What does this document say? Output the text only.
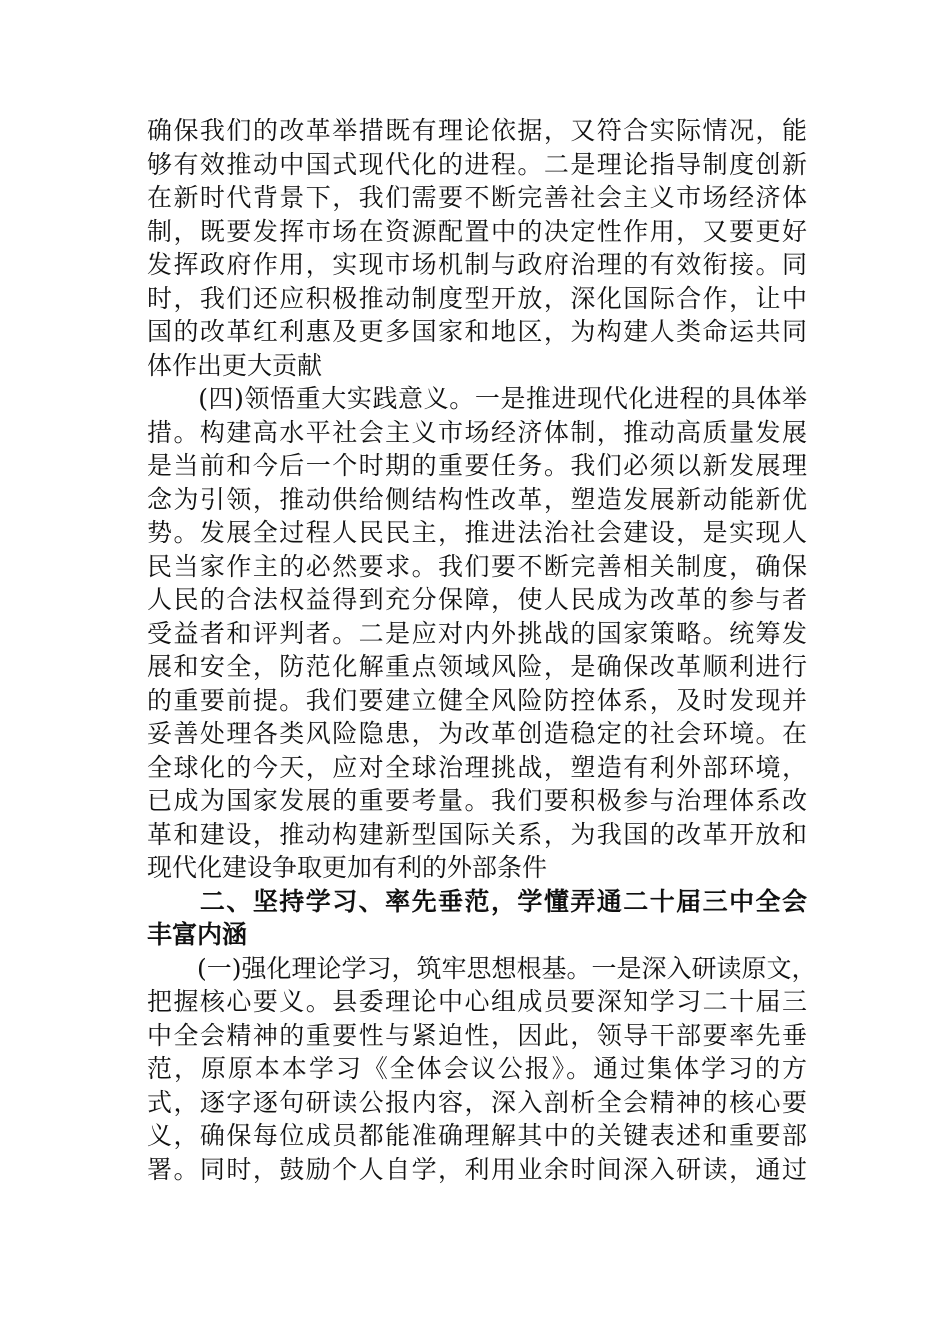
确保我们的改革举措既有理论依据，又符合实际情况，能
够有效推动中国式现代化的进程。二是理论指导制度创新
在新时代背景下，我们需要不断完善社会主义市场经济体
制，既要发挥市场在资源配置中的决定性作用，又要更好
发挥政府作用，实现市场机制与政府治理的有效衔接。同
时，我们还应积极推动制度型开放，深化国际合作，让中
国的改革红利惠及更多国家和地区，为构建人类命运共同
体作出更大贡献
　　(四)领悟重大实践意义。一是推进现代化进程的具体举
措。构建高水平社会主义市场经济体制，推动高质量发展
是当前和今后一个时期的重要任务。我们必须以新发展理
念为引领，推动供给侧结构性改革，塑造发展新动能新优
势。发展全过程人民民主，推进法治社会建设，是实现人
民当家作主的必然要求。我们要不断完善相关制度，确保
人民的合法权益得到充分保障，使人民成为改革的参与者
受益者和评判者。二是应对内外挑战的国家策略。统筹发
展和安全，防范化解重点领域风险，是确保改革顺利进行
的重要前提。我们要建立健全风险防控体系，及时发现并
妥善处理各类风险隐患，为改革创造稳定的社会环境。在
全球化的今天，应对全球治理挑战，塑造有利外部环境，
已成为国家发展的重要考量。我们要积极参与治理体系改
革和建设，推动构建新型国际关系，为我国的改革开放和
现代化建设争取更加有利的外部条件
　　二、坚持学习、率先垂范，学懂弄通二十届三中全会
丰富内涵
　　(一)强化理论学习，筑牢思想根基。一是深入研读原文，
把握核心要义。县委理论中心组成员要深知学习二十届三
中全会精神的重要性与紧迫性，因此，领导干部要率先垂
范，原原本本学习《全体会议公报》。通过集体学习的方
式，逐字逐句研读公报内容，深入剖析全会精神的核心要
义，确保每位成员都能准确理解其中的关键表述和重要部
署。同时，鼓励个人自学，利用业余时间深入研读，通过
